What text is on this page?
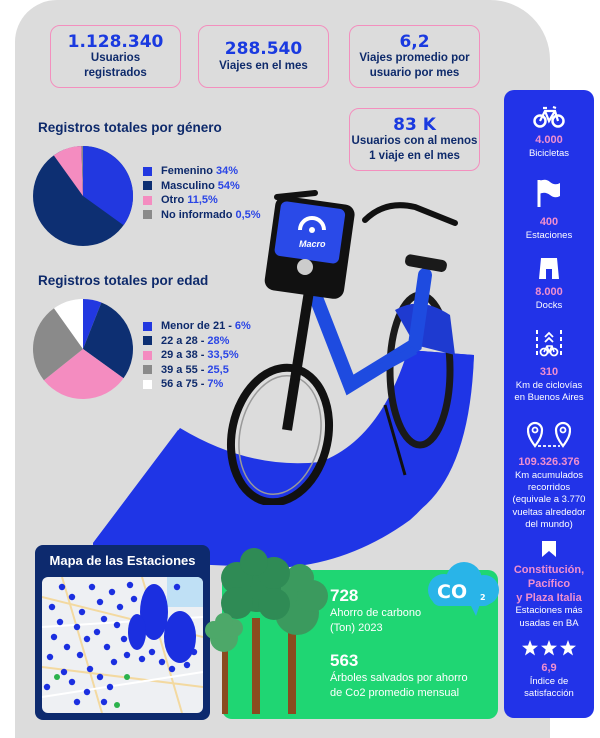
1.128.340
Usuarios
registrados
288.540
Viajes en el mes
6,2
Viajes promedio por
usuario por mes
83 K
Usuarios con al menos
1 viaje en el mes
Registros totales por género
Femenino 34%
Masculino 54%
Otro 11,5%
No informado 0,5%
Registros totales por edad
Menor de 21 - 6%
22 a 28 - 28%
29 a 38 - 33,5%
39 a 55 - 25,5
56 a 75 - 7%
Macro
4.000
Bicicletas
400
Estaciones
8.000
Docks
310
Km de ciclovías
en Buenos Aires
109.326.376
Km acumulados
recorridos
(equivale a 3.770
vueltas alrededor
del mundo)
Constitución,
Pacífico
y Plaza Italia
Estaciones más
usadas en BA
6,9
Índice de
satisfacción
Mapa de las Estaciones
CO 2
728
Ahorro de carbono
(Ton) 2023
563
Árboles salvados por ahorro
de Co2 promedio mensual
